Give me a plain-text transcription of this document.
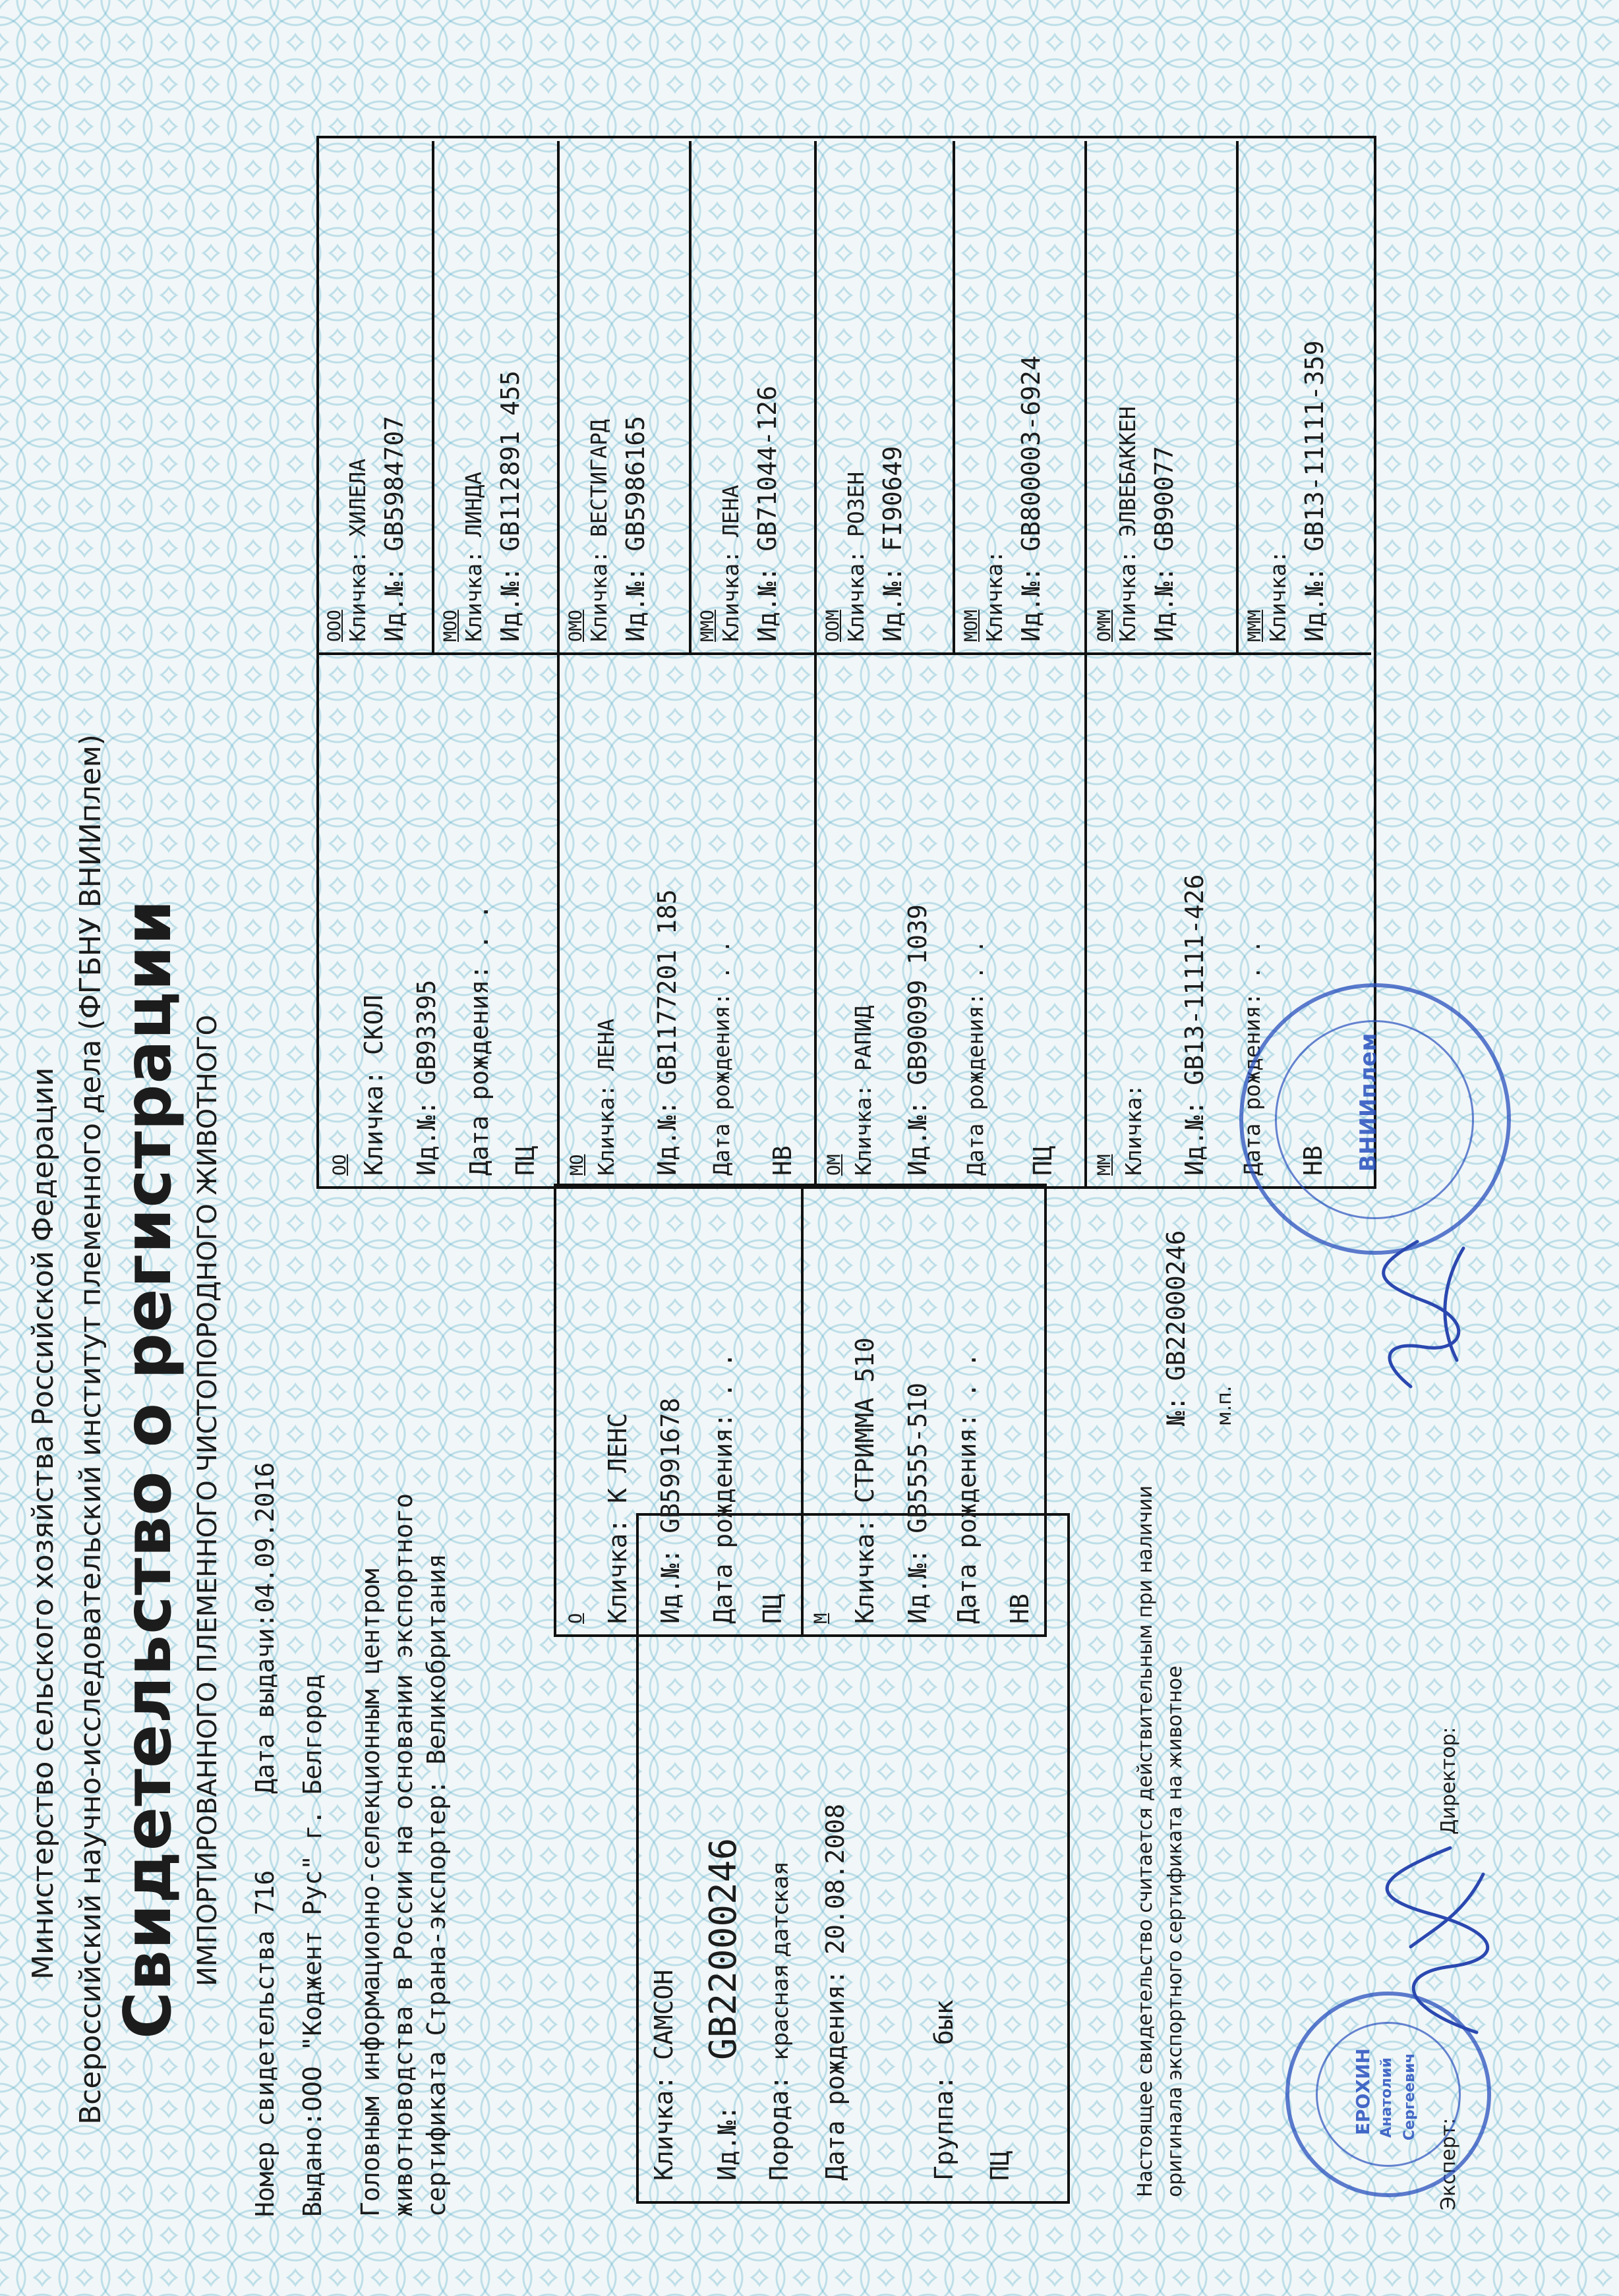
Министерство сельского хозяйства Российской Федерации Всероссийский научно-исследовательский институт племенного дела (ФГБНУ ВНИИплем) Свидетельство о регистрации ИМПОРТИРОВАННОГО ПЛЕМЕННОГО ЧИСТОПОРОДНОГО ЖИВОТНОГО
Номер свидетельства 716  Дата выдачи:04.09.2016
Выдано:ООО "Коджент Рус" г. Белгород Головным информационно-селекционным центром животноводства в России на основании экспортного сертификата Страна-экспортер: Великобритания	Кличка: САМСОН
Ид.№:   GB22000246
Порода: красная датская
Дата рождения: 20.08.2008
Группа:  бык
ПЦ
О Кличка: К ЛЕНС Ид.№: GB5991678 Дата рождения: . . ПЦ М Кличка: СТРИММА 510 Ид.№: GB5555-510 Дата рождения: . . НВ
ОО Кличка: СКОЛ Ид.№: GB93395 Дата рождения: . . ПЦ МО Кличка: ЛЕНА Ид.№: GB1177201 185 Дата рождения: . . НВ ОМ Кличка: РАПИД Ид.№: GB90099 1039 Дата рождения: . . ПЦ ММ Кличка: Ид.№: GB13-11111-426 Дата рождения: . . НВ
ООО Кличка: ХИЛЕЛА Ид.№: GB5984707 МОО Кличка: ЛИНДА Ид.№: GB112891 455 ОМО Кличка: ВЕСТИГАРД Ид.№: GB5986165	ММО Кличка: ЛЕНА Ид.№: GB71044-126 ООМ Кличка: РОЗЕН Ид.№: FI90649	МОМ Кличка: Ид.№: GB800003-6924	ОММ Кличка: ЭЛВЕБАККЕН Ид.№: GB90077	МММ Кличка: Ид.№: GB13-11111-359
Настоящее свидетельство считается действительным при наличии оригинала экспортного сертификата на животное
№: GB22000246 м.п.
Директор:
Эксперт:
ВНИИплем
ЕРОХИН Анатолий Сергеевич
